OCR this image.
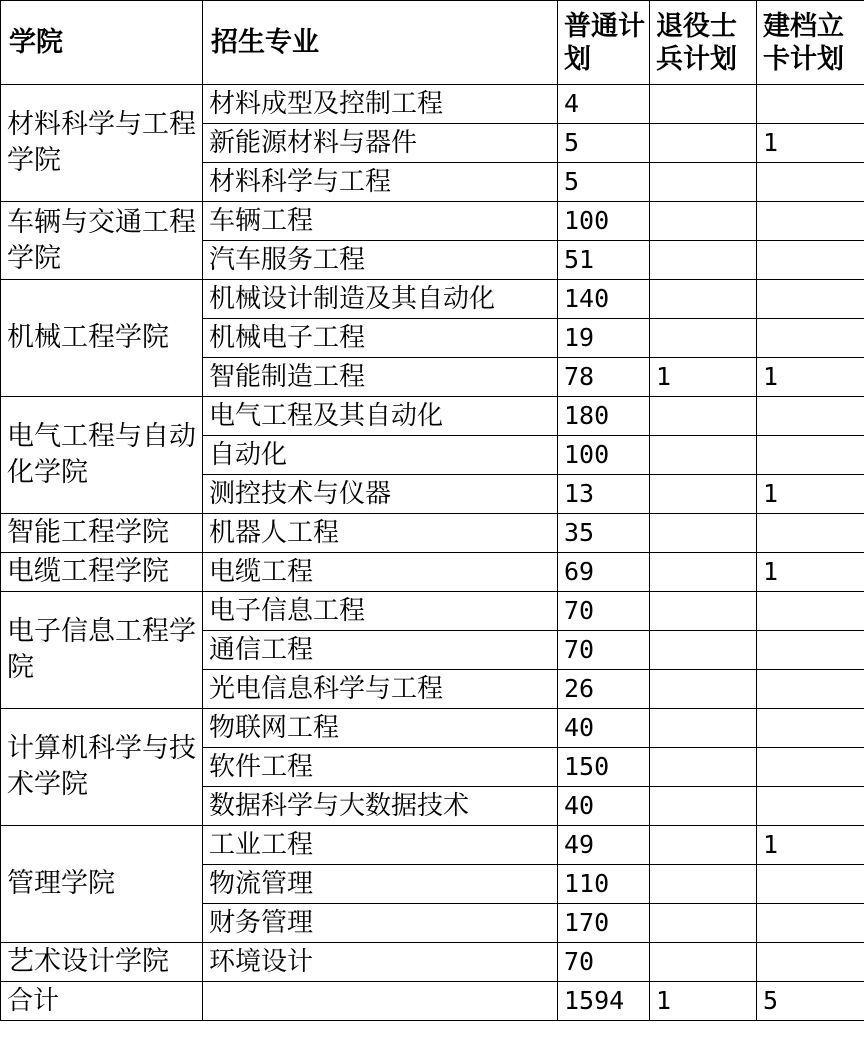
学院	招生专业	普通计划	退役士兵计划	建档立卡计划
材料科学与工程学院	材料成型及控制工程	4		
	新能源材料与器件	5		1
	材料科学与工程	5		
车辆与交通工程学院	车辆工程	100		
	汽车服务工程	51		
机械工程学院	机械设计制造及其自动化	140		
	机械电子工程	19		
	智能制造工程	78	1	1
电气工程与自动化学院	电气工程及其自动化	180		
	自动化	100		
	测控技术与仪器	13		1
智能工程学院	机器人工程	35		
电缆工程学院	电缆工程	69		1
电子信息工程学院	电子信息工程	70		
	通信工程	70		
	光电信息科学与工程	26		
计算机科学与技术学院	物联网工程	40		
	软件工程	150		
	数据科学与大数据技术	40		
管理学院	工业工程	49		1
	物流管理	110		
	财务管理	170		
艺术设计学院	环境设计	70		
合计		1594	1	5
